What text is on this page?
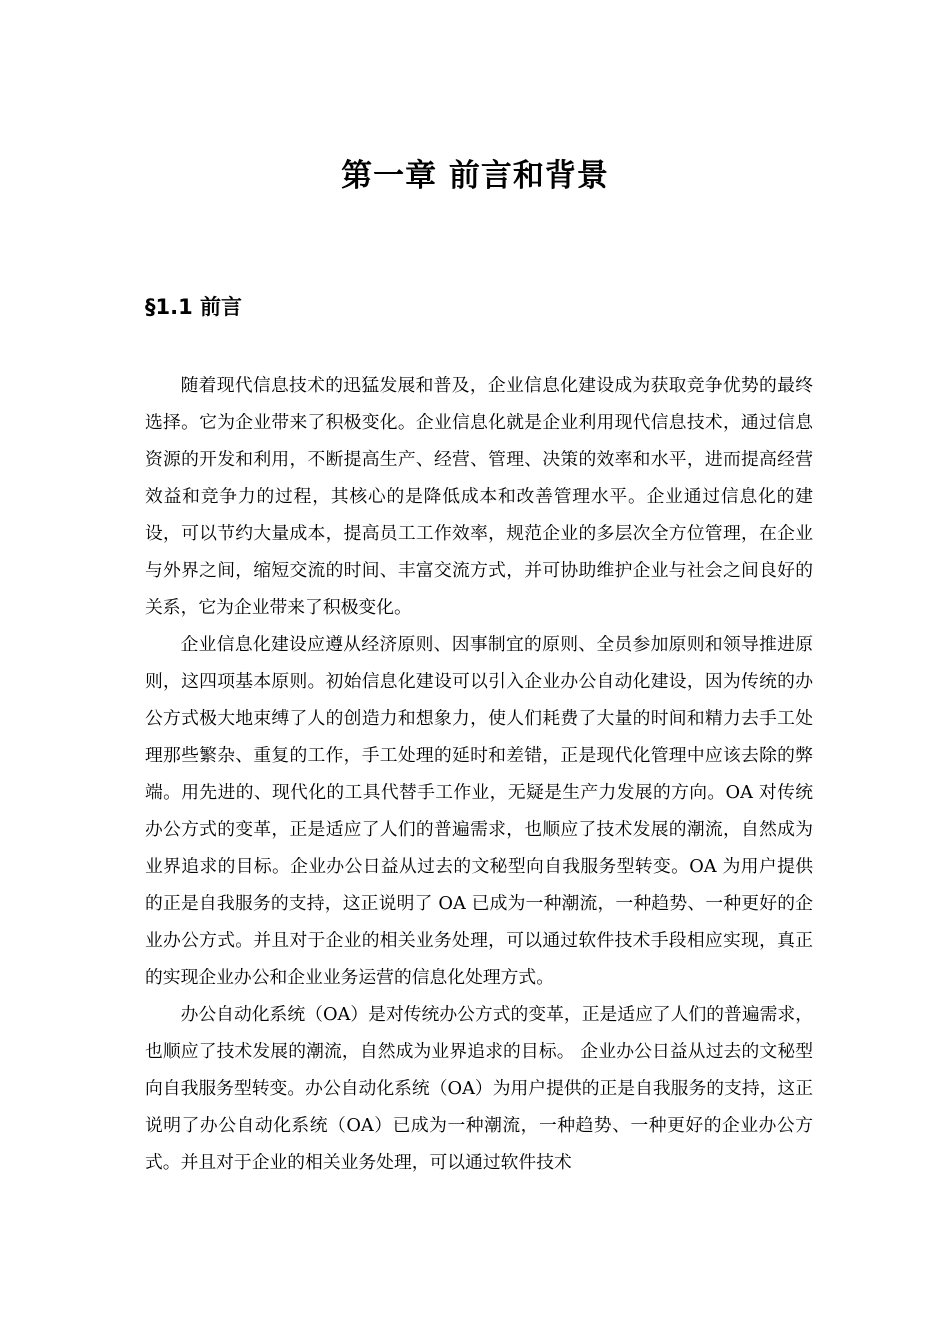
第一章 前言和背景
§1.1 前言

随着现代信息技术的迅猛发展和普及，企业信息化建设成为获取竞争优势的最终选择。它为企业带来了积极变化。企业信息化就是企业利用现代信息技术，通过信息资源的开发和利用，不断提高生产、经营、管理、决策的效率和水平，进而提高经营效益和竞争力的过程，其核心的是降低成本和改善管理水平。企业通过信息化的建设，可以节约大量成本，提高员工工作效率，规范企业的多层次全方位管理，在企业与外界之间，缩短交流的时间、丰富交流方式，并可协助维护企业与社会之间良好的关系，它为企业带来了积极变化。

企业信息化建设应遵从经济原则、因事制宜的原则、全员参加原则和领导推进原则，这四项基本原则。初始信息化建设可以引入企业办公自动化建设，因为传统的办公方式极大地束缚了人的创造力和想象力，使人们耗费了大量的时间和精力去手工处理那些繁杂、重复的工作，手工处理的延时和差错，正是现代化管理中应该去除的弊端。用先进的、现代化的工具代替手工作业，无疑是生产力发展的方向。OA 对传统办公方式的变革，正是适应了人们的普遍需求，也顺应了技术发展的潮流，自然成为业界追求的目标。企业办公日益从过去的文秘型向自我服务型转变。OA 为用户提供的正是自我服务的支持，这正说明了 OA 已成为一种潮流，一种趋势、一种更好的企业办公方式。并且对于企业的相关业务处理，可以通过软件技术手段相应实现，真正的实现企业办公和企业业务运营的信息化处理方式。

办公自动化系统（OA）是对传统办公方式的变革，正是适应了人们的普遍需求，也顺应了技术发展的潮流，自然成为业界追求的目标。 企业办公日益从过去的文秘型向自我服务型转变。办公自动化系统（OA）为用户提供的正是自我服务的支持，这正说明了办公自动化系统（OA）已成为一种潮流，一种趋势、一种更好的企业办公方式。并且对于企业的相关业务处理，可以通过软件技术
